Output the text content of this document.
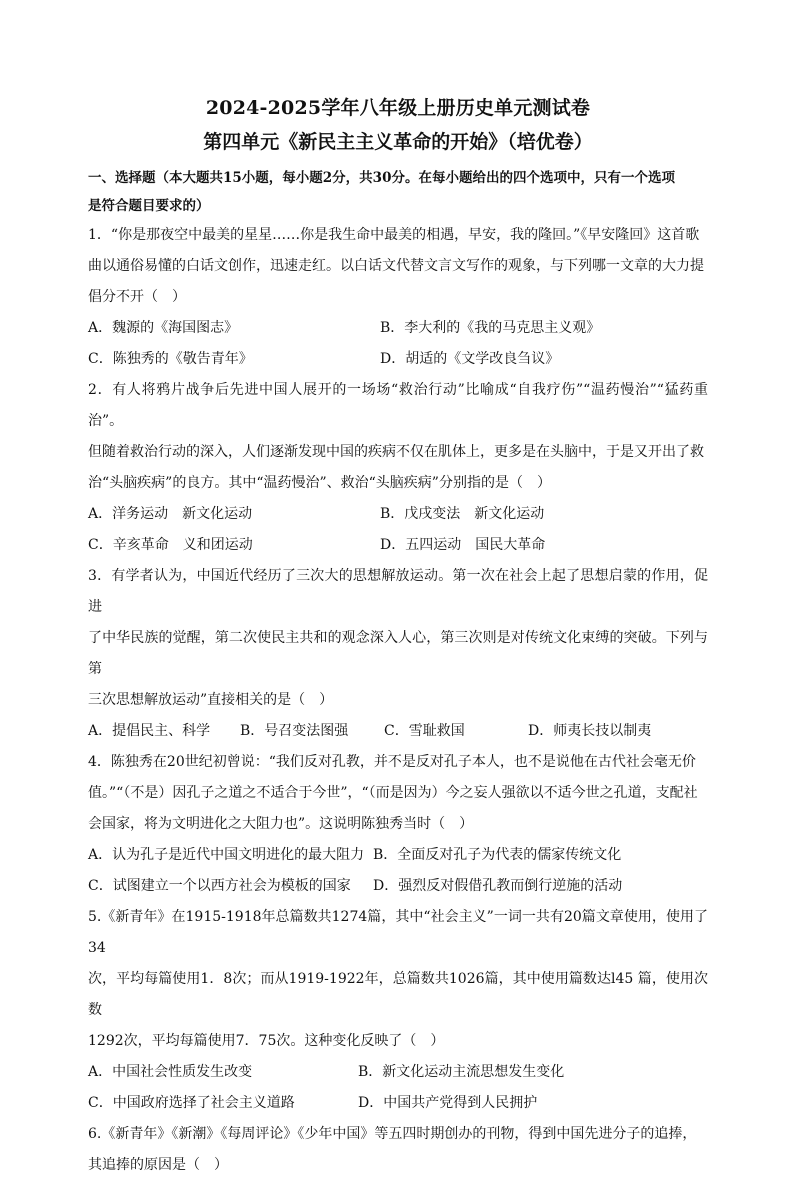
2024-2025学年八年级上册历史单元测试卷
第四单元《新民主主义革命的开始》（培优卷）

一、选择题（本大题共15小题，每小题2分，共30分。在每小题给出的四个选项中，只有一个选项

是符合题目要求的）

1．“你是那夜空中最美的星星……你是我生命中最美的相遇，早安，我的隆回。”《早安隆回》这首歌

曲以通俗易懂的白话文创作，迅速走红。以白话文代替文言文写作的观象，与下列哪一文章的大力提

倡分不开（　）

A．魏源的《海国图志》	B．李大利的《我的马克思主义观》
C．陈独秀的《敬告青年》	D．胡适的《文学改良刍议》

2．有人将鸦片战争后先进中国人展开的一场场“救治行动”比喻成“自我疗伤”“温药慢治”“猛药重治”。

但随着救治行动的深入，人们逐渐发现中国的疾病不仅在肌体上，更多是在头脑中，于是又开出了救

治“头脑疾病”的良方。其中“温药慢治”、救治“头脑疾病”分别指的是（　）

A．洋务运动　新文化运动	B．戊戌变法　新文化运动
C．辛亥革命　义和团运动	D．五四运动　国民大革命

3．有学者认为，中国近代经历了三次大的思想解放运动。第一次在社会上起了思想启蒙的作用，促进

了中华民族的觉醒，第二次使民主共和的观念深入人心，第三次则是对传统文化束缚的突破。下列与第

三次思想解放运动”直接相关的是（　）

A．提倡民主、科学	B．号召变法图强	C．雪耻救国	D．师夷长技以制夷

4．陈独秀在20世纪初曾说：“我们反对孔教，并不是反对孔子本人，也不是说他在古代社会毫无价

值。”“（不是）因孔子之道之不适合于今世”，“（而是因为）今之妄人强欲以不适今世之孔道，支配社

会国家，将为文明进化之大阻力也”。这说明陈独秀当时（　）

A．认为孔子是近代中国文明进化的最大阻力 B．全面反对孔子为代表的儒家传统文化
C．试图建立一个以西方社会为模板的国家	D．强烈反对假借孔教而倒行逆施的活动

5.《新青年》在1915-1918年总篇数共1274篇，其中“社会主义”一词一共有20篇文章使用，使用了 34

次，平均每篇使用1．8次；而从1919-1922年，总篇数共1026篇，其中使用篇数达l45 篇，使用次数

1292次，平均每篇使用7．75次。这种变化反映了（　）

A．中国社会性质发生改变	B．新文化运动主流思想发生变化
C．中国政府选择了社会主义道路	D．中国共产党得到人民拥护

6.《新青年》《新潮》《每周评论》《少年中国》等五四时期创办的刊物，得到中国先进分子的追捧，

其追捧的原因是（　）
